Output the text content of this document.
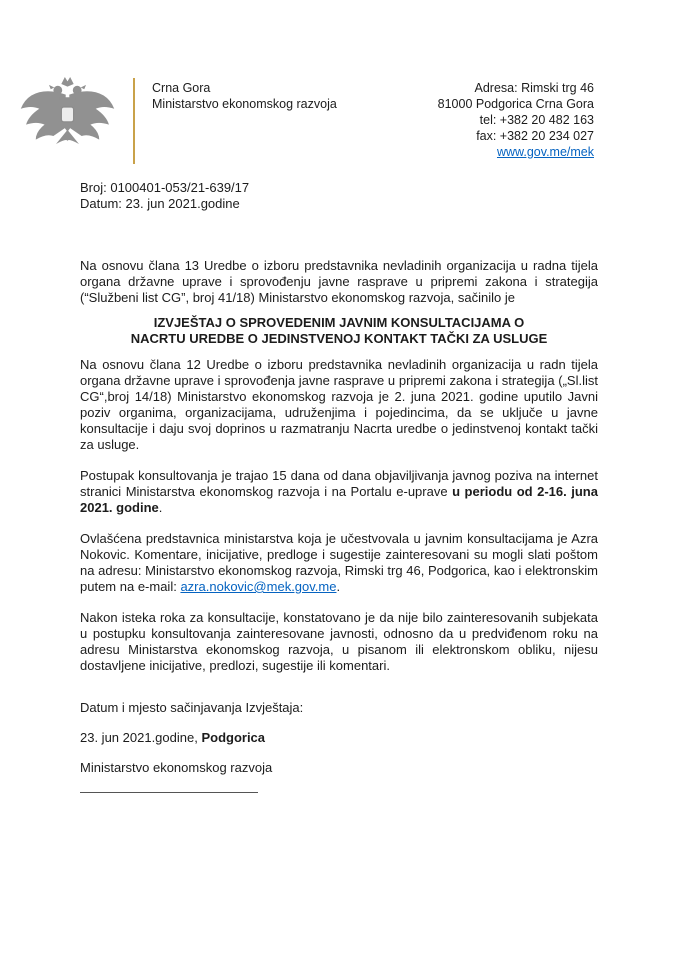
Crna Gora

Ministarstvo ekonomskog razvoja

Adresa: Rimski trg 46

81000 Podgorica Crna Gora

tel: +382 20 482 163

fax: +382 20 234 027

www.gov.me/mek

Broj: 0100401-053/21-639/17

Datum: 23. jun 2021.godine

Na osnovu člana 13 Uredbe o izboru predstavnika nevladinih organizacija u radna tijela organa državne uprave i sprovođenju javne rasprave u pripremi zakona i strategija (“Službeni list CG”, broj 41/18) Ministarstvo ekonomskog razvoja, sačinilo je

IZVJEŠTAJ O SPROVEDENIM JAVNIM KONSULTACIJAMA O

NACRTU UREDBE O JEDINSTVENOJ KONTAKT TAČKI ZA USLUGE

Na osnovu člana 12 Uredbe o izboru predstavnika nevladinih organizacija u radn tijela organa državne uprave i sprovođenja javne rasprave u pripremi zakona i strategija („Sl.list CG“,broj 14/18) Ministarstvo ekonomskog razvoja je 2. juna 2021. godine uputilo Javni poziv organima, organizacijama, udruženjima i pojedincima, da se uključe u javne konsultacije i daju svoj doprinos u razmatranju Nacrta uredbe o jedinstvenoj kontakt tački za usluge.

Postupak konsultovanja je trajao 15 dana od dana objaviljivanja javnog poziva na internet stranici Ministarstva ekonomskog razvoja i na Portalu e-uprave u periodu od 2-16. juna 2021. godine.

Ovlašćena predstavnica ministarstva koja je učestvovala u javnim konsultacijama je Azra Nokovic. Komentare, inicijative, predloge i sugestije zainteresovani su mogli slati poštom na adresu: Ministarstvo ekonomskog razvoja, Rimski trg 46, Podgorica, kao i elektronskim putem na e-mail: azra.nokovic@mek.gov.me.

Nakon isteka roka za konsultacije, konstatovano je da nije bilo zainteresovanih subjekata u postupku konsultovanja zainteresovane javnosti, odnosno da u predviđenom roku na adresu Ministarstva ekonomskog razvoja, u pisanom ili elektronskom obliku, nijesu dostavljene inicijative, predlozi, sugestije ili komentari.

Datum i mjesto sačinjavanja Izvještaja:

23. jun 2021.godine, Podgorica

Ministarstvo ekonomskog razvoja
